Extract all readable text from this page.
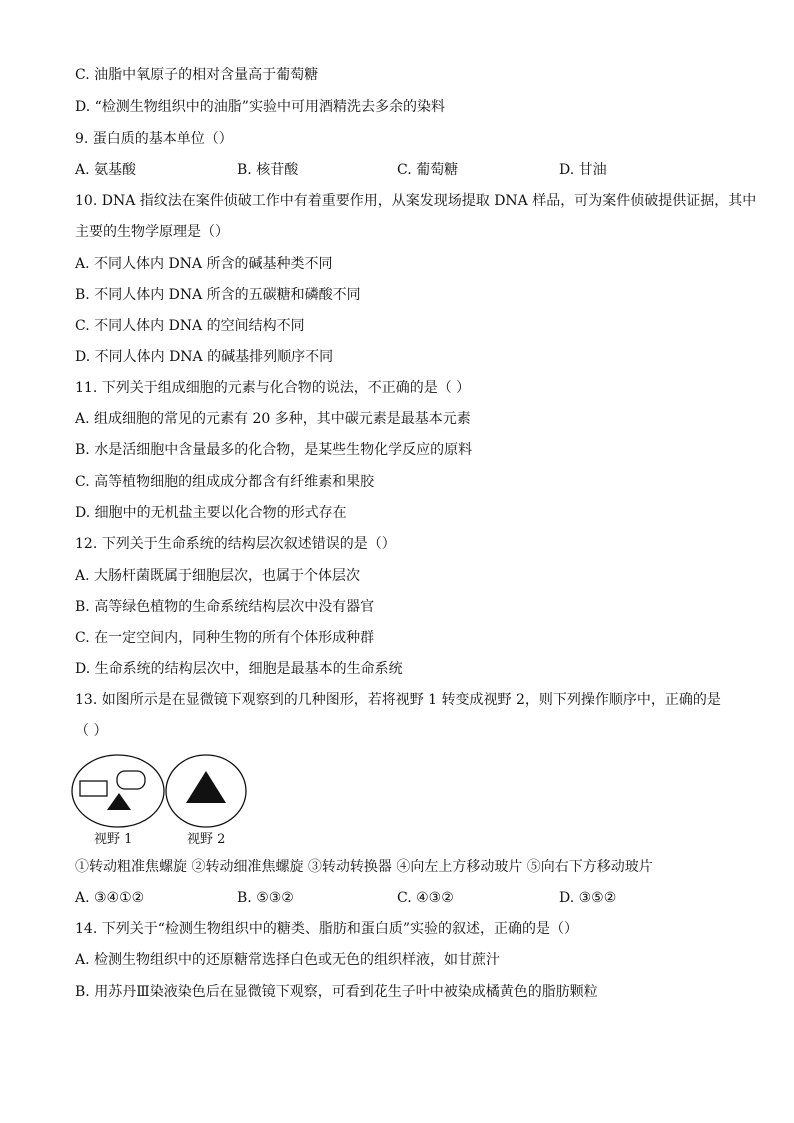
C. 油脂中氧原子的相对含量高于葡萄糖
D. “检测生物组织中的油脂”实验中可用酒精洗去多余的染料
9. 蛋白质的基本单位（）
A. 氨基酸	B. 核苷酸	C. 葡萄糖	D. 甘油
10. DNA 指纹法在案件侦破工作中有着重要作用，从案发现场提取 DNA 样品，可为案件侦破提供证据，其中
主要的生物学原理是（）
A. 不同人体内 DNA 所含的碱基种类不同
B. 不同人体内 DNA 所含的五碳糖和磷酸不同
C. 不同人体内 DNA 的空间结构不同
D. 不同人体内 DNA 的碱基排列顺序不同
11. 下列关于组成细胞的元素与化合物的说法，不正确的是（ ）
A. 组成细胞的常见的元素有 20 多种，其中碳元素是最基本元素
B. 水是活细胞中含量最多的化合物，是某些生物化学反应的原料
C. 高等植物细胞的组成成分都含有纤维素和果胶
D. 细胞中的无机盐主要以化合物的形式存在
12. 下列关于生命系统的结构层次叙述错误的是（）
A. 大肠杆菌既属于细胞层次，也属于个体层次
B. 高等绿色植物的生命系统结构层次中没有器官
C. 在一定空间内，同种生物的所有个体形成种群
D. 生命系统的结构层次中，细胞是最基本的生命系统
13. 如图所示是在显微镜下观察到的几种图形，若将视野 1 转变成视野 2，则下列操作顺序中，正确的是
（ ）
视野 1	视野 2
①转动粗准焦螺旋 ②转动细准焦螺旋 ③转动转换器 ④向左上方移动玻片 ⑤向右下方移动玻片
A. ③④①②	B. ⑤③②	C. ④③②	D. ③⑤②
14. 下列关于“检测生物组织中的糖类、脂肪和蛋白质”实验的叙述，正确的是（）
A. 检测生物组织中的还原糖常选择白色或无色的组织样液，如甘蔗汁
B. 用苏丹Ⅲ染液染色后在显微镜下观察，可看到花生子叶中被染成橘黄色的脂肪颗粒
